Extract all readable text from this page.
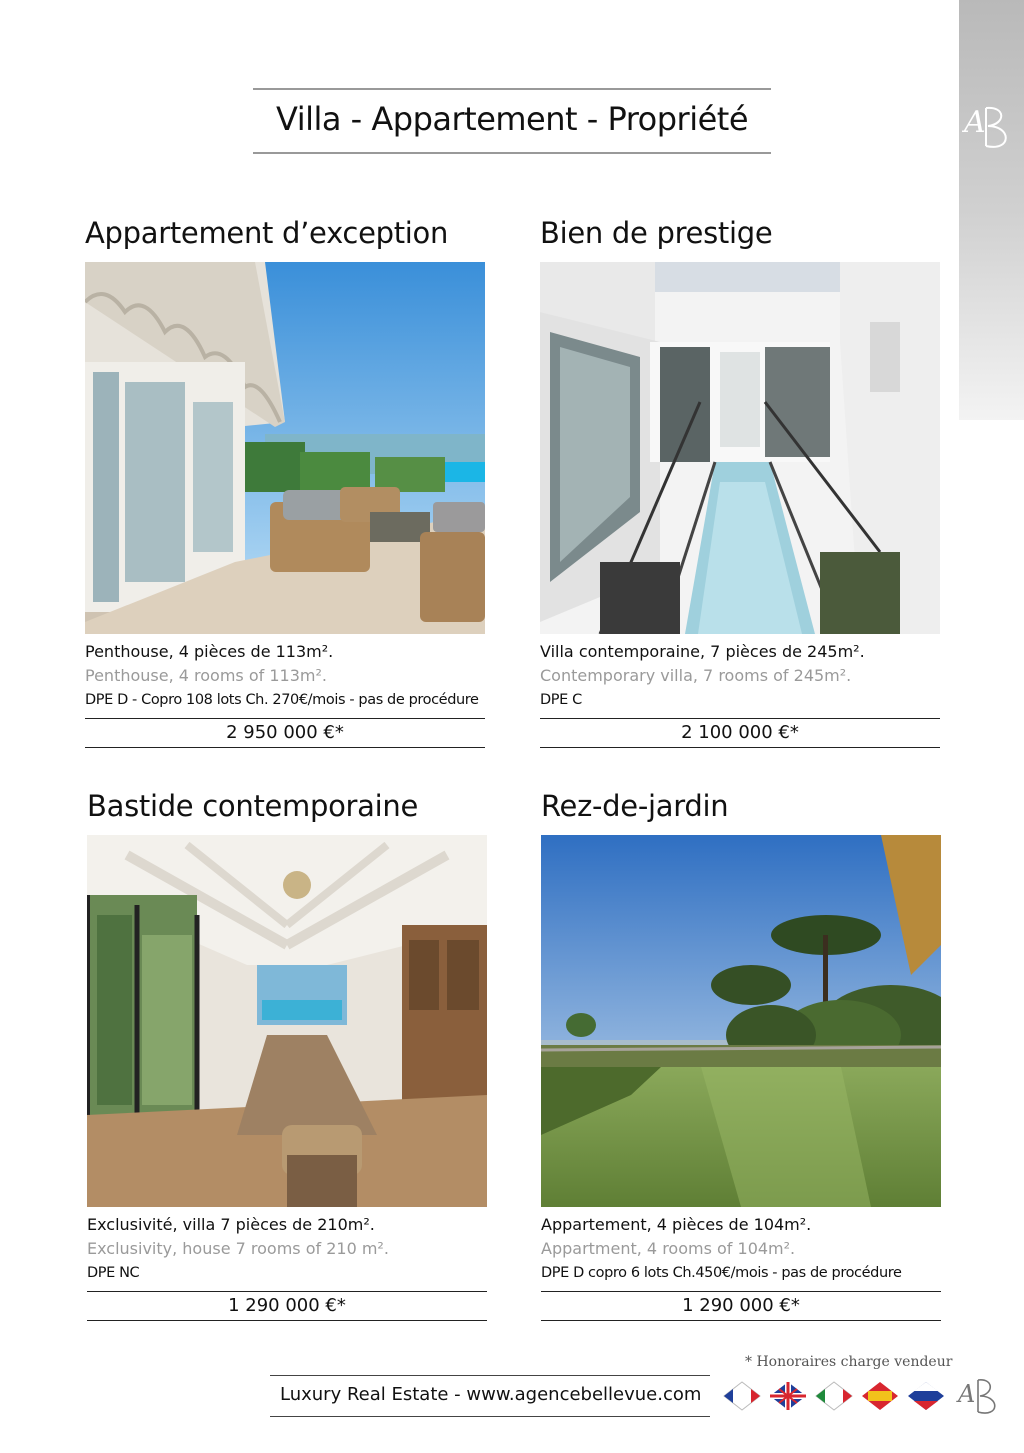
A
Villa - Appartement - Propriété
Appartement d’exception
Penthouse, 4 pièces de 113m².
Penthouse, 4 rooms of 113m².
DPE D - Copro 108 lots Ch. 270€/mois - pas de procédure
2 950 000 €*
Bien de prestige
Villa contemporaine, 7 pièces de 245m².
Contemporary villa, 7 rooms of 245m².
DPE C
2 100 000 €*
Bastide contemporaine
Exclusivité, villa 7 pièces de 210m².
Exclusivity, house 7 rooms of 210 m².
DPE NC
1 290 000 €*
Rez-de-jardin
Appartement, 4 pièces de 104m².
Appartment, 4 rooms of 104m².
DPE D copro 6 lots Ch.450€/mois - pas de procédure
1 290 000 €*
* Honoraires charge vendeur
Luxury Real Estate - www.agencebellevue.com	A
